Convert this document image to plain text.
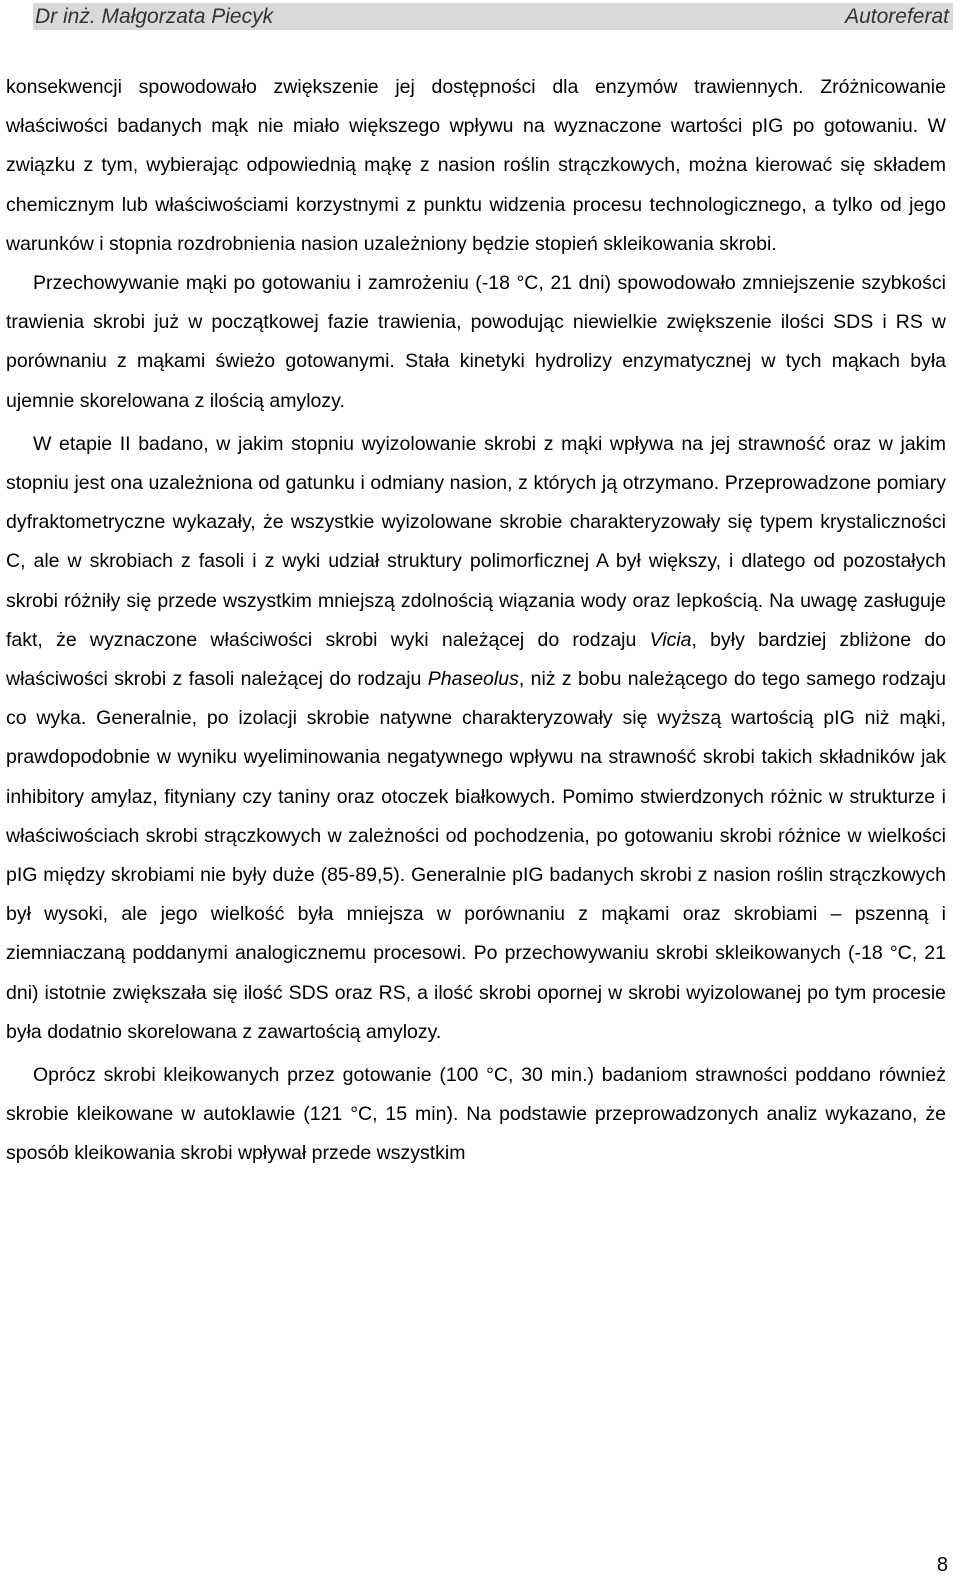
Dr inż. Małgorzata Piecyk	Autoreferat

konsekwencji spowodowało zwiększenie jej dostępności dla enzymów trawiennych. Zróżnicowanie właściwości badanych mąk nie miało większego wpływu na wyznaczone wartości pIG po gotowaniu. W związku z tym, wybierając odpowiednią mąkę z nasion roślin strączkowych, można kierować się składem chemicznym lub właściwościami korzystnymi z punktu widzenia procesu technologicznego, a tylko od jego warunków i stopnia rozdrobnienia nasion uzależniony będzie stopień skleikowania skrobi.

Przechowywanie mąki po gotowaniu i zamrożeniu (-18 °C, 21 dni) spowodowało zmniejszenie szybkości trawienia skrobi już w początkowej fazie trawienia, powodując niewielkie zwiększenie ilości SDS i RS w porównaniu z mąkami świeżo gotowanymi. Stała kinetyki hydrolizy enzymatycznej w tych mąkach była ujemnie skorelowana z ilością amylozy.

W etapie II badano, w jakim stopniu wyizolowanie skrobi z mąki wpływa na jej strawność oraz w jakim stopniu jest ona uzależniona od gatunku i odmiany nasion, z których ją otrzymano. Przeprowadzone pomiary dyfraktometryczne wykazały, że wszystkie wyizolowane skrobie charakteryzowały się typem krystaliczności C, ale w skrobiach z fasoli i z wyki udział struktury polimorficznej A był większy, i dlatego od pozostałych skrobi różniły się przede wszystkim mniejszą zdolnością wiązania wody oraz lepkością. Na uwagę zasługuje fakt, że wyznaczone właściwości skrobi wyki należącej do rodzaju Vicia, były bardziej zbliżone do właściwości skrobi z fasoli należącej do rodzaju Phaseolus, niż z bobu należącego do tego samego rodzaju co wyka. Generalnie, po izolacji skrobie natywne charakteryzowały się wyższą wartością pIG niż mąki, prawdopodobnie w wyniku wyeliminowania negatywnego wpływu na strawność skrobi takich składników jak inhibitory amylaz, fityniany czy taniny oraz otoczek białkowych. Pomimo stwierdzonych różnic w strukturze i właściwościach skrobi strączkowych w zależności od pochodzenia, po gotowaniu skrobi różnice w wielkości pIG między skrobiami nie były duże (85-89,5). Generalnie pIG badanych skrobi z nasion roślin strączkowych był wysoki, ale jego wielkość była mniejsza w porównaniu z mąkami oraz skrobiami – pszenną i ziemniaczaną poddanymi analogicznemu procesowi. Po przechowywaniu skrobi skleikowanych (-18 °C, 21 dni) istotnie zwiększała się ilość SDS oraz RS, a ilość skrobi opornej w skrobi wyizolowanej po tym procesie była dodatnio skorelowana z zawartością amylozy.

Oprócz skrobi kleikowanych przez gotowanie (100 °C, 30 min.) badaniom strawności poddano również skrobie kleikowane w autoklawie (121 °C, 15 min). Na podstawie przeprowadzonych analiz wykazano, że sposób kleikowania skrobi wpływał przede wszystkim

8
